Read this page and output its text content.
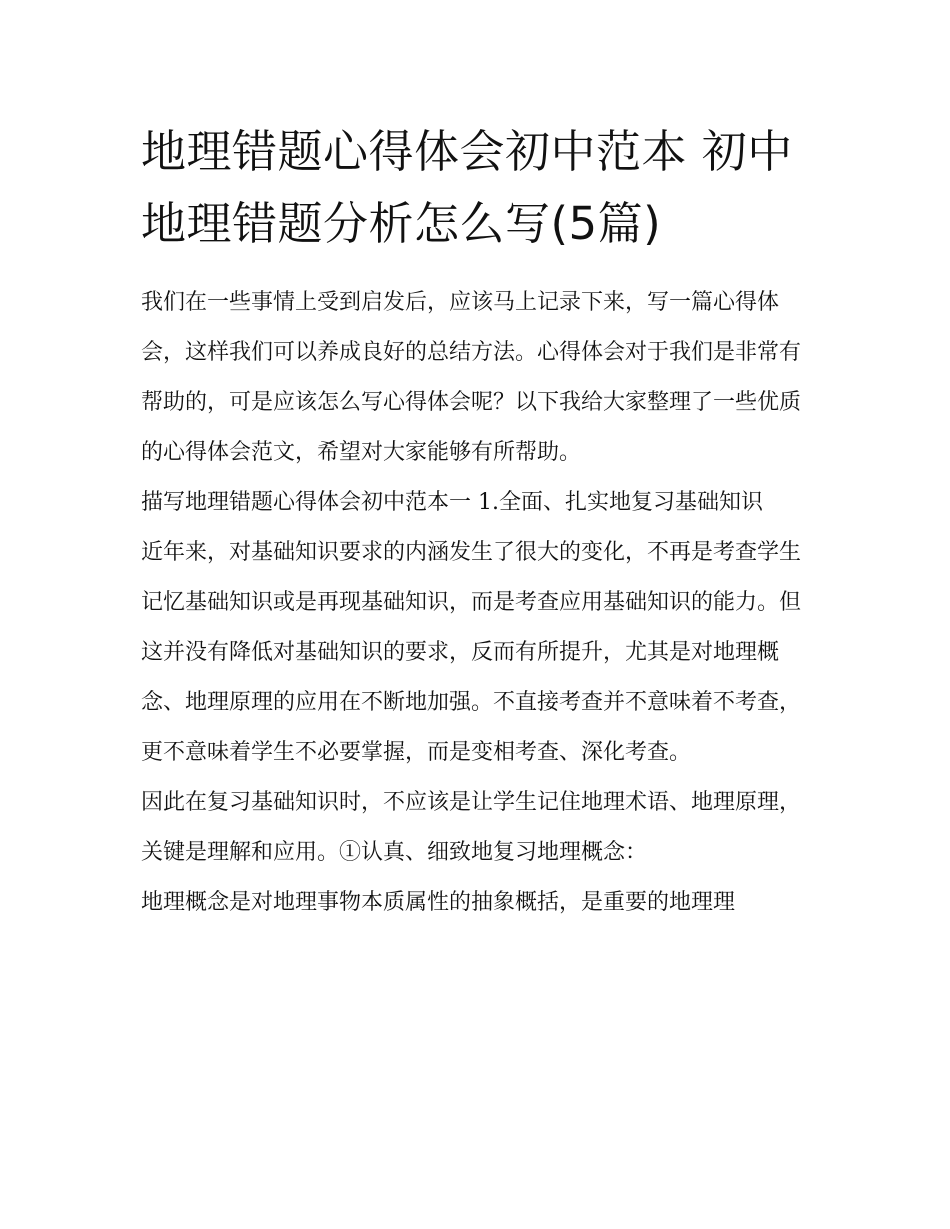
地理错题心得体会初中范本 初中地理错题分析怎么写(5篇)

我们在一些事情上受到启发后，应该马上记录下来，写一篇心得体会，这样我们可以养成良好的总结方法。心得体会对于我们是非常有帮助的，可是应该怎么写心得体会呢？以下我给大家整理了一些优质的心得体会范文，希望对大家能够有所帮助。

描写地理错题心得体会初中范本一 1.全面、扎实地复习基础知识

近年来，对基础知识要求的内涵发生了很大的变化，不再是考查学生记忆基础知识或是再现基础知识，而是考查应用基础知识的能力。但这并没有降低对基础知识的要求，反而有所提升，尤其是对地理概念、地理原理的应用在不断地加强。不直接考查并不意味着不考查，更不意味着学生不必要掌握，而是变相考查、深化考查。

因此在复习基础知识时，不应该是让学生记住地理术语、地理原理，关键是理解和应用。①认真、细致地复习地理概念：

地理概念是对地理事物本质属性的抽象概括，是重要的地理理
